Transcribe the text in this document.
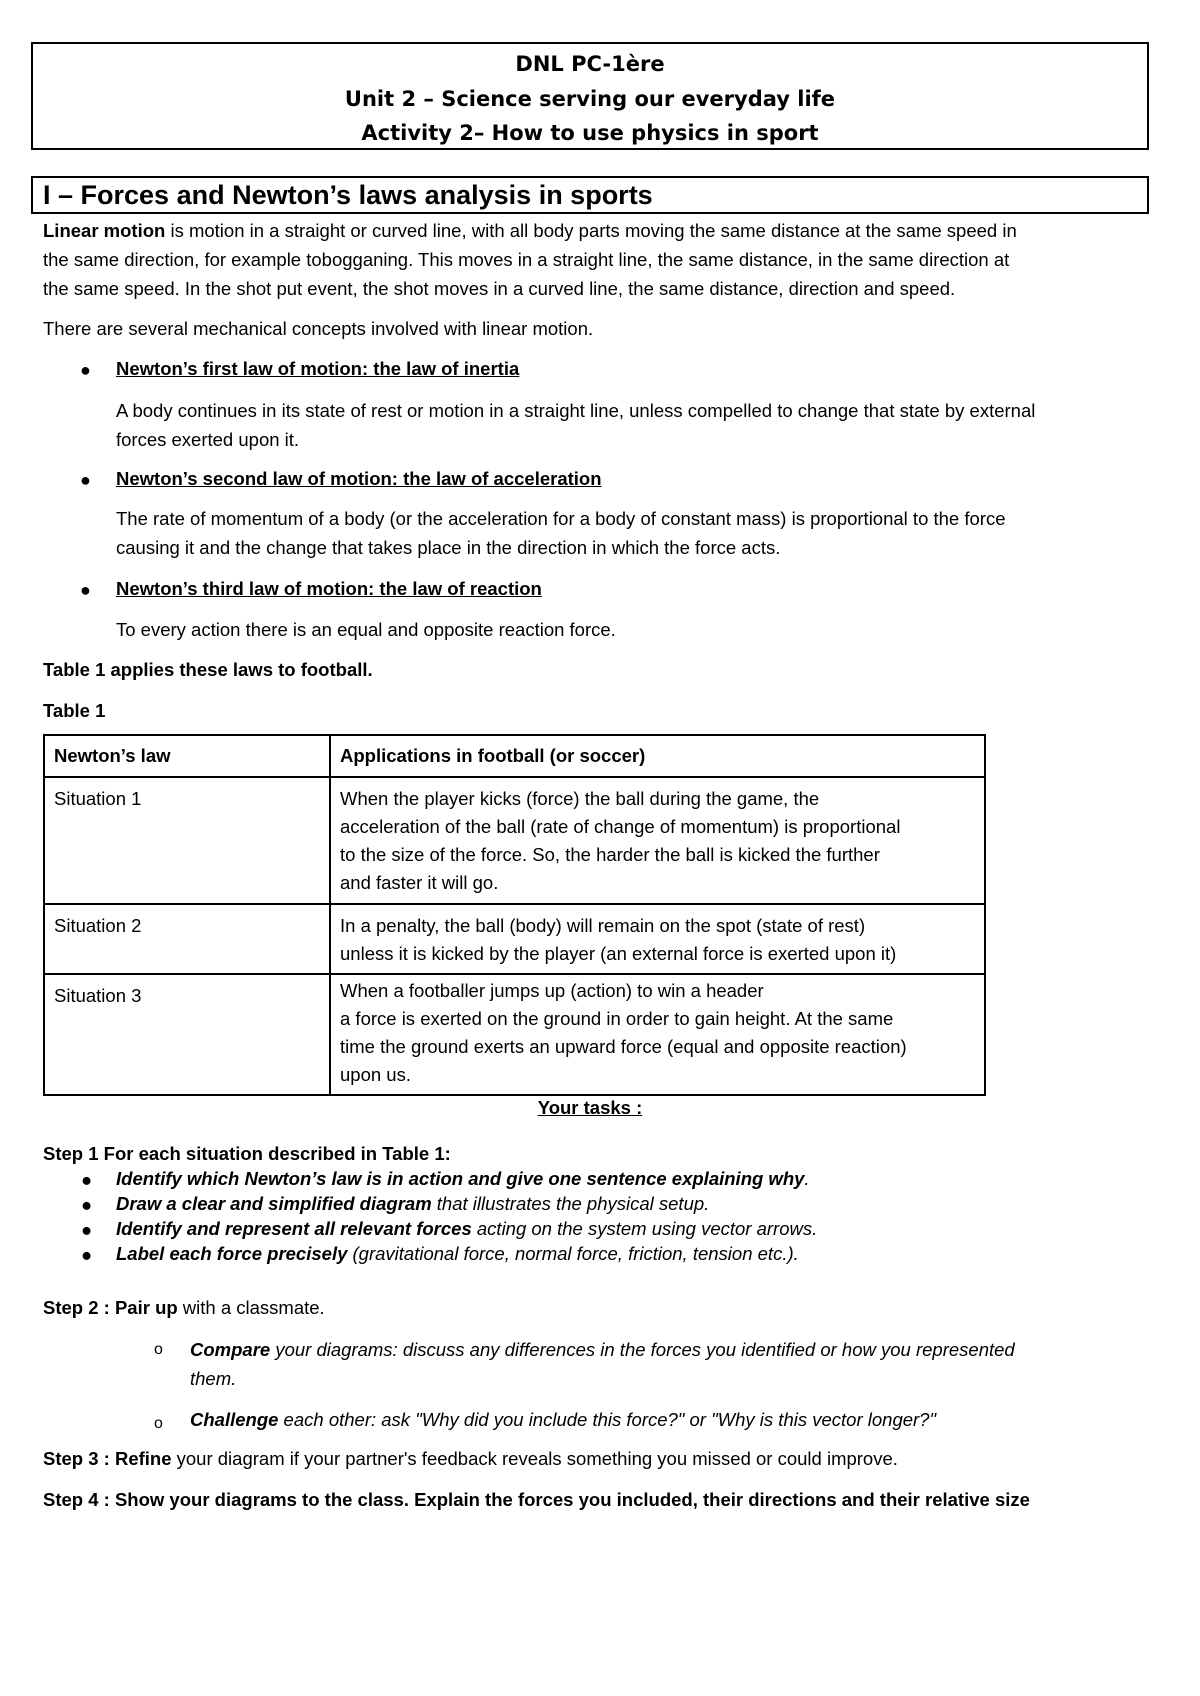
DNL PC-1ère
Unit 2 – Science serving our everyday life
Activity 2– How to use physics in sport
I – Forces and Newton’s laws analysis in sports
Linear motion is motion in a straight or curved line, with all body parts moving the same distance at the same speed in
the same direction, for example tobogganing. This moves in a straight line, the same distance, in the same direction at
the same speed. In the shot put event, the shot moves in a curved line, the same distance, direction and speed.
There are several mechanical concepts involved with linear motion.
● Newton’s first law of motion: the law of inertia
A body continues in its state of rest or motion in a straight line, unless compelled to change that state by external
forces exerted upon it.
● Newton’s second law of motion: the law of acceleration
The rate of momentum of a body (or the acceleration for a body of constant mass) is proportional to the force
causing it and the change that takes place in the direction in which the force acts.
● Newton’s third law of motion: the law of reaction
To every action there is an equal and opposite reaction force.
Table 1 applies these laws to football.
Table 1
Newton’s law	Applications in football (or soccer)
Situation 1	When the player kicks (force) the ball during the game, the
acceleration of the ball (rate of change of momentum) is proportional
to the size of the force. So, the harder the ball is kicked the further
and faster it will go.

Situation 2	In a penalty, the ball (body) will remain on the spot (state of rest)
unless it is kicked by the player (an external force is exerted upon it)

Situation 3	When a footballer jumps up (action) to win a header
a force is exerted on the ground in order to gain height. At the same
time the ground exerts an upward force (equal and opposite reaction)
upon us.
Your tasks :
Step 1 For each situation described in Table 1:
● Identify which Newton’s law is in action and give one sentence explaining why.
● Draw a clear and simplified diagram that illustrates the physical setup.
● Identify and represent all relevant forces acting on the system using vector arrows.
● Label each force precisely (gravitational force, normal force, friction, tension etc.).
Step 2 : Pair up with a classmate.
o Compare your diagrams: discuss any differences in the forces you identified or how you represented
them.
o Challenge each other: ask "Why did you include this force?" or "Why is this vector longer?"
Step 3 : Refine your diagram if your partner's feedback reveals something you missed or could improve.
Step 4 : Show your diagrams to the class. Explain the forces you included, their directions and their relative size
